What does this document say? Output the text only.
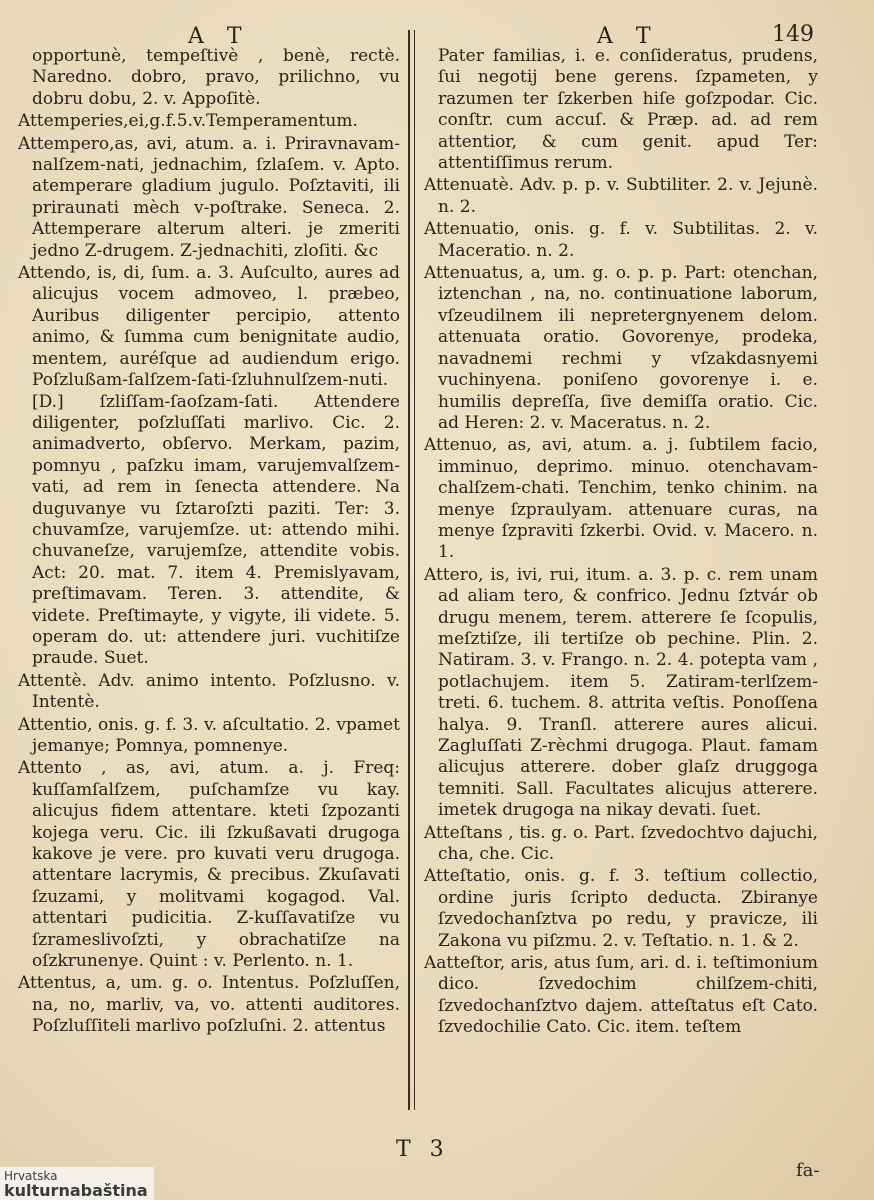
A T	A T	149
opportunè, tempeſtivè , benè, rectè. Naredno. dobro, pravo, prilichno, vu dobru dobu, 2. v. Appoſitè.
Attemperies,ei,g.f.5.v.Temperamentum.
Attempero,as, avi, atum. a. i. Priravnavam-nalſzem-nati, jednachim, ſzlaſem. v. Apto. atemperare gladium jugulo. Poſztaviti, ili priraunati mèch v-poſtrake. Seneca. 2. Attemperare alterum alteri. je zmeriti jedno Z-drugem. Z-jednachiti, zloſiti. &c
Attendo, is, di, ſum. a. 3. Auſculto, aures ad alicujus vocem admoveo, l. præbeo, Auribus diligenter percipio, attento animo, & ſumma cum benignitate audio, mentem, auréſque ad audiendum erigo. Poſzlußam-ſalſzem-ſati-ſzluhnulſzem-nuti. [D.] ſzliſſam-ſaoſzam-ſati. Attendere diligenter, poſzluſſati marlivo. Cic. 2. animadverto, obſervo. Merkam, pazim, pomnyu , paſzku imam, varujemvalſzem-vati, ad rem in ſenecta attendere. Na duguvanye vu ſztaroſzti paziti. Ter: 3. chuvamſze, varujemſze. ut: attendo mihi. chuvaneſze, varujemſze, attendite vobis. Act: 20. mat. 7. item 4. Premislyavam, preſtimavam. Teren. 3. attendite, & videte. Preſtimayte, y vigyte, ili videte. 5. operam do. ut: attendere juri. vuchitiſze praude. Suet.
Attentè. Adv. animo intento. Poſzlusno. v. Intentè.
Attentio, onis. g. f. 3. v. aſcultatio. 2. vpamet jemanye; Pomnya, pomnenye.
Attento , as, avi, atum. a. j. Freq: kuſſamſalſzem, puſchamſze vu kay. alicujus fidem attentare. kteti ſzpozanti kojega veru. Cic. ili ſzkußavati drugoga kakove je vere. pro kuvati veru drugoga. attentare lacrymis, & precibus. Zkuſavati ſzuzami, y molitvami kogagod. Val. attentari pudicitia. Z-kuſſavatiſze vu ſzrameslivoſzti, y obrachatiſze na oſzkrunenye. Quint : v. Perlento. n. 1.
Attentus, a, um. g. o. Intentus. Poſzluſſen, na, no, marliv, va, vo. attenti auditores. Poſzluſſiteli marlivo poſzluſni. 2. attentus
Pater familias, i. e. conſideratus, prudens, ſui negotij bene gerens. ſzpameten, y razumen ter ſzkerben hiſe goſzpodar. Cic. conſtr. cum accuſ. & Præp. ad. ad rem attentior, & cum genit. apud Ter: attentiſſimus rerum.
Attenuatè. Adv. p. p. v. Subtiliter. 2. v. Jejunè. n. 2.
Attenuatio, onis. g. f. v. Subtilitas. 2. v. Maceratio. n. 2.
Attenuatus, a, um. g. o. p. p. Part: otenchan, iztenchan , na, no. continuatione laborum, vſzeudilnem ili nepretergnyenem delom. attenuata oratio. Govorenye, prodeka, navadnemi rechmi y vſzakdasnyemi vuchinyena. poniſeno govorenye i. e. humilis depreſſa, ſive demiſſa oratio. Cic. ad Heren: 2. v. Maceratus. n. 2.
Attenuo, as, avi, atum. a. j. ſubtilem facio, imminuo, deprimo. minuo. otenchavam-chalſzem-chati. Tenchim, tenko chinim. na menye ſzpraulyam. attenuare curas, na menye ſzpraviti ſzkerbi. Ovid. v. Macero. n. 1.
Attero, is, ivi, rui, itum. a. 3. p. c. rem unam ad aliam tero, & confrico. Jednu ſztvár ob drugu menem, terem. atterere ſe ſcopulis, meſztiſze, ili tertiſze ob pechine. Plin. 2. Natiram. 3. v. Frango. n. 2. 4. potepta vam , potlachujem. item 5. Zatiram-terlſzem- treti. 6. tuchem. 8. attrita veſtis. Ponoſſena halya. 9. Tranſl. atterere aures alicui. Zagluſſati Z-rèchmi drugoga. Plaut. famam alicujus atterere. dober glaſz druggoga temniti. Sall. Facultates alicujus atterere. imetek drugoga na nikay devati. ſuet.
Atteſtans , tis. g. o. Part. ſzvedochtvo dajuchi, cha, che. Cic.
Atteſtatio, onis. g. f. 3. teſtium collectio, ordine juris ſcripto deducta. Zbiranye ſzvedochanſztva po redu, y pravicze, ili Zakona vu piſzmu. 2. v. Teſtatio. n. 1. & 2.
Aatteſtor, aris, atus ſum, ari. d. i. teſtimonium dico. ſzvedochim chilſzem-chiti, ſzvedochanſztvo dajem. atteſtatus eſt Cato. ſzvedochilie Cato. Cic. item. teſtem
T 3
fa-
Hrvatska
kulturnabaština
